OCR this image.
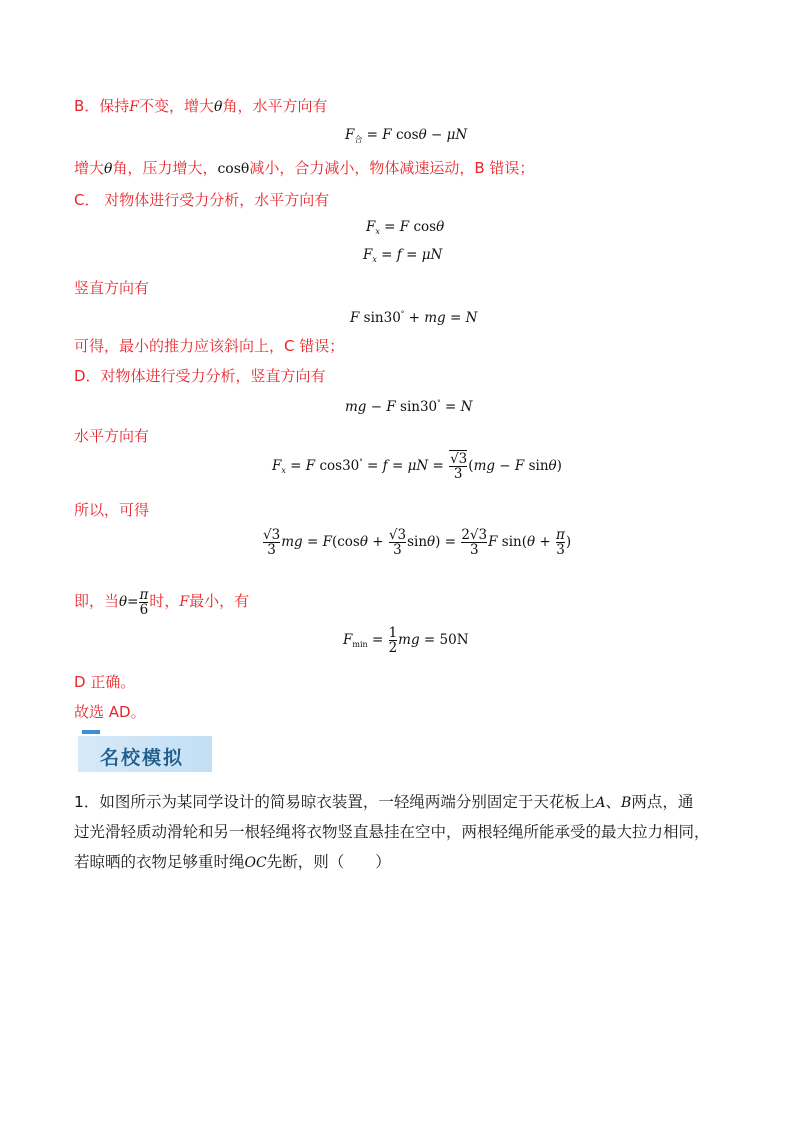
B．保持F不变，增大θ角，水平方向有
$F_合 = F$ cosθ − μN
增大θ角，压力增大，cosθ减小，合力减小，物体减速运动，B 错误；
C． 对物体进行受力分析，水平方向有
$F_x = F$ cosθ
$F_x = f = \mu N$
竖直方向有
F sin30° + mg = N
可得，最小的推力应该斜向上，C 错误；
D．对物体进行受力分析，竖直方向有
mg − F sin30° = N
水平方向有
$F_x = F$ $\cos 30^\circ = f = \mu N = \frac{√3}{3} (mg - F$ sinθ)
所以，可得
$\frac{√3}{3}$ mg = $F(\cos\theta + \frac{√3}{3} \sin\theta) = \frac{2√3}{3}$ F $\sin(\theta + \frac{\pi}{3}$ )
即，当$\theta= \frac{\pi}{6}$ 时，F最小，有
$F_{min} = \frac{1}{2}$ mg = 50N
D 正确。
故选 AD。
名校模拟
1．如图所示为某同学设计的简易晾衣装置，一轻绳两端分别固定于天花板上A、B两点，通
过光滑轻质动滑轮和另一根轻绳将衣物竖直悬挂在空中，两根轻绳所能承受的最大拉力相同，
若晾晒的衣物足够重时绳OC先断，则（　　）
